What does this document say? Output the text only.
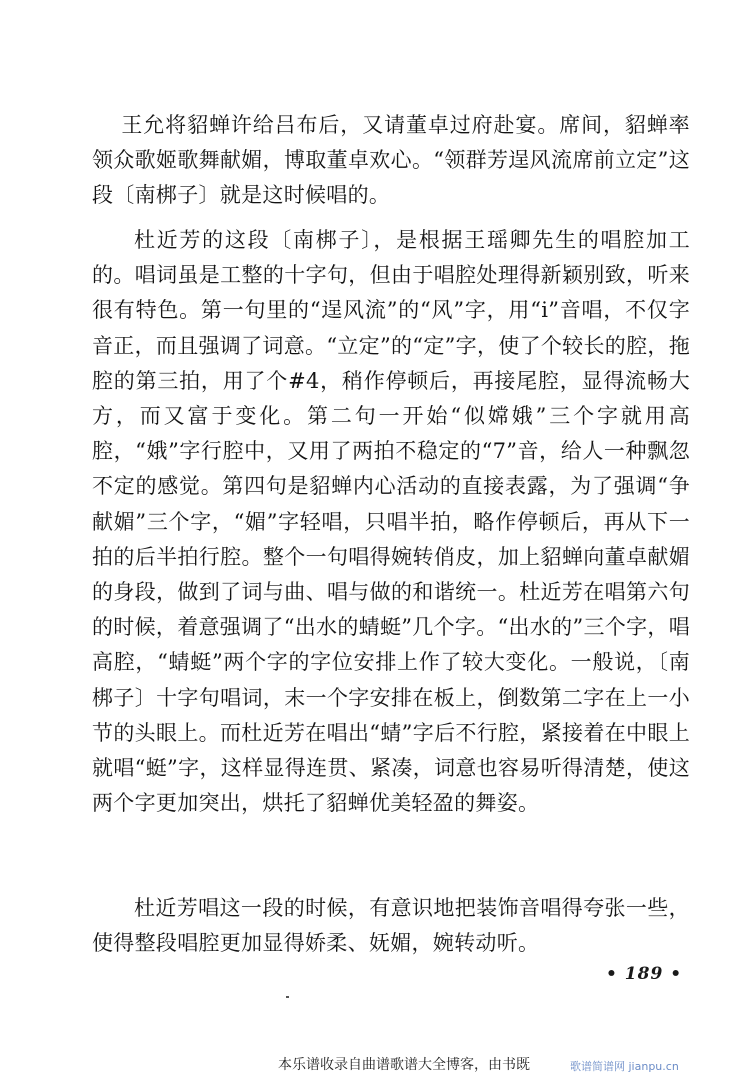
王允将貂蝉许给吕布后，又请董卓过府赴宴。席间，貂蝉率领众歌姬歌舞献媚，博取董卓欢心。“领群芳逞风流席前立定”这段〔南梆子〕就是这时候唱的。

杜近芳的这段〔南梆子〕，是根据王瑶卿先生的唱腔加工的。唱词虽是工整的十字句，但由于唱腔处理得新颖别致，听来很有特色。第一句里的“逞风流”的“风”字，用“i”音唱，不仅字音正，而且强调了词意。“立定”的“定”字，使了个较长的腔，拖腔的第三拍，用了个#4，稍作停顿后，再接尾腔，显得流畅大方，而又富于变化。第二句一开始“似嫦娥”三个字就用高腔，“娥”字行腔中，又用了两拍不稳定的“7”音，给人一种飘忽不定的感觉。第四句是貂蝉内心活动的直接表露，为了强调“争献媚”三个字，“媚”字轻唱，只唱半拍，略作停顿后，再从下一拍的后半拍行腔。整个一句唱得婉转俏皮，加上貂蝉向董卓献媚的身段，做到了词与曲、唱与做的和谐统一。杜近芳在唱第六句的时候，着意强调了“出水的蜻蜓”几个字。“出水的”三个字，唱高腔，“蜻蜓”两个字的字位安排上作了较大变化。一般说，〔南梆子〕十字句唱词，末一个字安排在板上，倒数第二字在上一小节的头眼上。而杜近芳在唱出“蜻”字后不行腔，紧接着在中眼上就唱“蜓”字，这样显得连贯、紧凑，词意也容易听得清楚，使这两个字更加突出，烘托了貂蝉优美轻盈的舞姿。

杜近芳唱这一段的时候，有意识地把装饰音唱得夸张一些，使得整段唱腔更加显得娇柔、妩媚，婉转动听。

• 189 •
本乐谱收录自曲谱歌谱大全博客，由书既	歌谱简谱网 jianpu.cn
